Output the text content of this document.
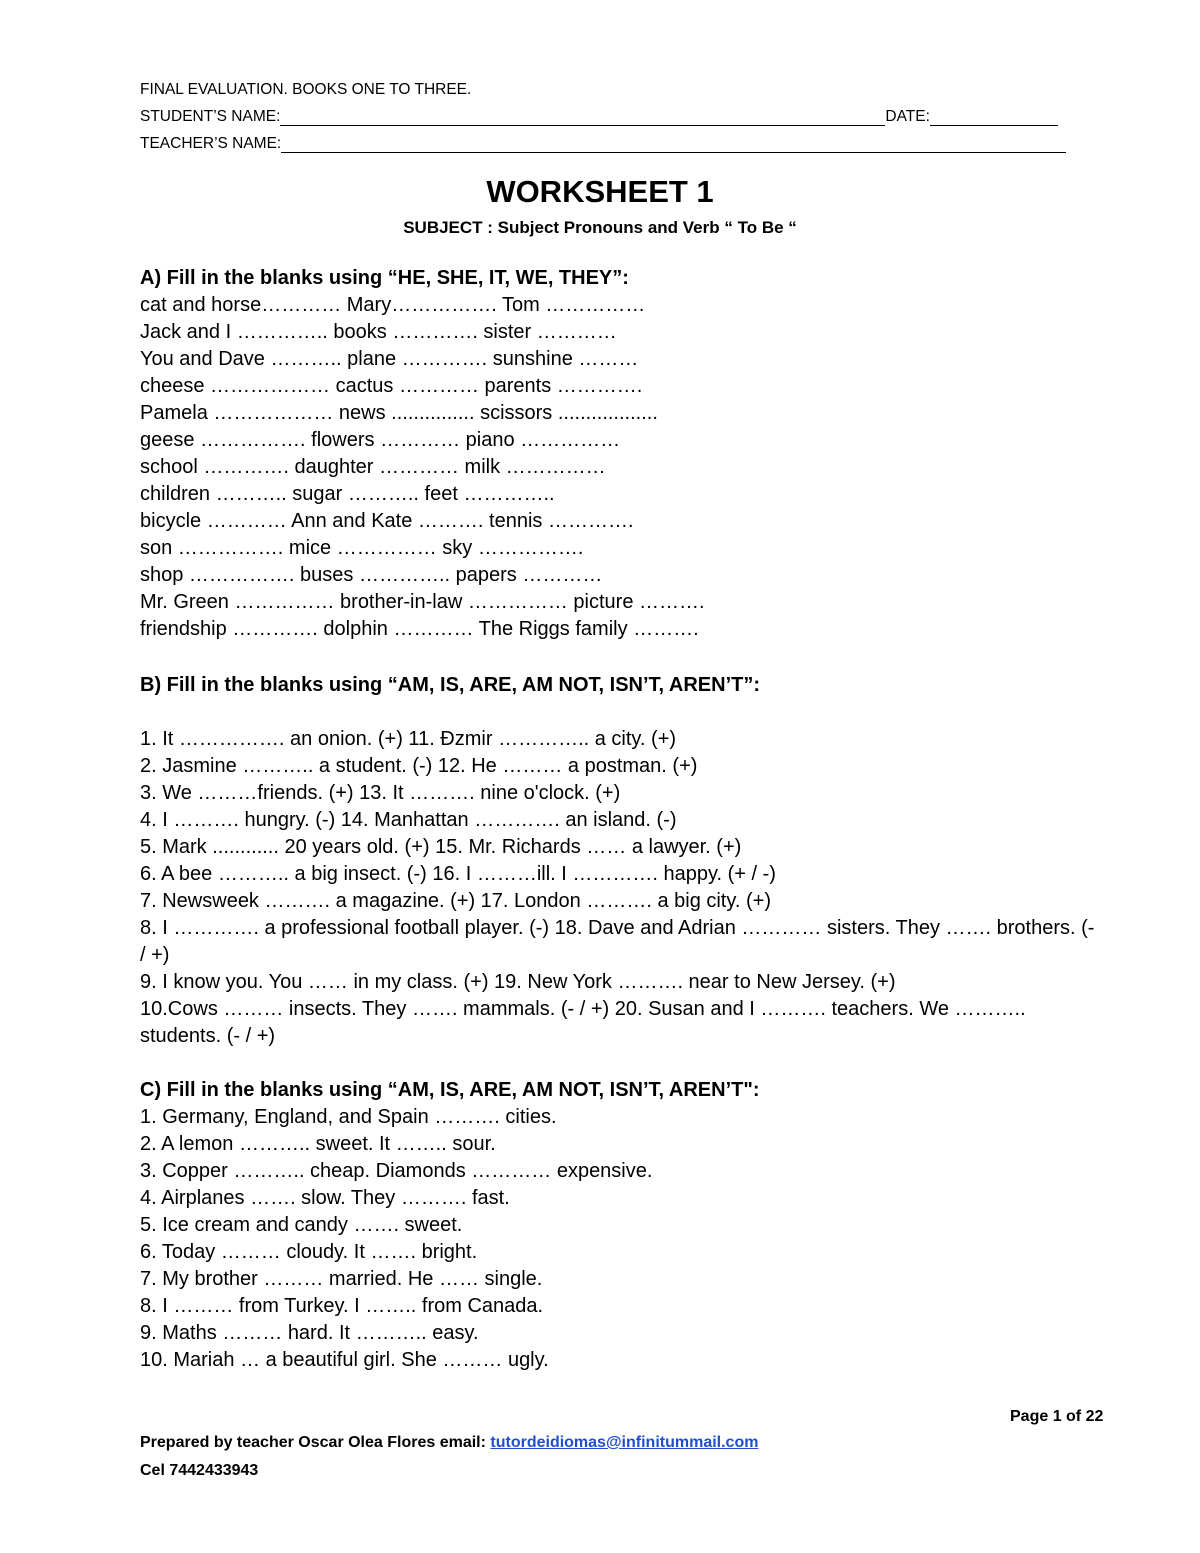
FINAL EVALUATION. BOOKS ONE TO THREE.
STUDENT’S NAME:	DATE:
TEACHER’S NAME:
WORKSHEET 1
SUBJECT : Subject Pronouns and Verb “ To Be “
A) Fill in the blanks using “HE, SHE, IT, WE, THEY”:
cat and horse………… Mary……………. Tom ……………
Jack and I ………….. books …………. sister …………
You and Dave ……….. plane …………. sunshine ………
cheese ……………… cactus ………… parents ………….
Pamela ……………… news ............... scissors ..................
geese ……………. flowers ………… piano ……………
school …………. daughter ………… milk ……………
children ……….. sugar ……….. feet …………..
bicycle ………… Ann and Kate ………. tennis ………….
son ……………. mice …………… sky …………….
shop ……………. buses ………….. papers …………
Mr. Green …………… brother-in-law …………… picture ……….
friendship …………. dolphin ………… The Riggs family ……….
B) Fill in the blanks using “AM, IS, ARE, AM NOT, ISN’T, AREN’T”:
1. It ……………. an onion. (+) 11. Đzmir ………….. a city. (+)
2. Jasmine ……….. a student. (-) 12. He ……… a postman. (+)
3. We ………friends. (+) 13. It ………. nine o'clock. (+)
4. I ………. hungry. (-) 14. Manhattan …………. an island. (-)
5. Mark ............ 20 years old. (+) 15. Mr. Richards …… a lawyer. (+)
6. A bee ……….. a big insect. (-) 16. I ………ill. I …………. happy. (+ / -)
7. Newsweek ………. a magazine. (+) 17. London ………. a big city. (+)
8. I …………. a professional football player. (-) 18. Dave and Adrian ………… sisters. They ……. brothers. (- / +)
9. I know you. You …… in my class. (+) 19. New York ………. near to New Jersey. (+)
10.Cows ……… insects. They ……. mammals. (- / +) 20. Susan and I ………. teachers. We ……….. students. (- / +)
C) Fill in the blanks using “AM, IS, ARE, AM NOT, ISN’T, AREN’T":
1. Germany, England, and Spain ………. cities.
2. A lemon ……….. sweet. It …….. sour.
3. Copper ……….. cheap. Diamonds ………… expensive.
4. Airplanes ……. slow. They ………. fast.
5. Ice cream and candy ……. sweet.
6. Today ……… cloudy. It ……. bright.
7. My brother ……… married. He …… single.
8. I ……… from Turkey. I …….. from Canada.
9. Maths ……… hard. It ……….. easy.
10. Mariah … a beautiful girl. She ……… ugly.
Page 1 of 22
Prepared by teacher Oscar Olea Flores email: tutordeidiomas@infinitummail.com
Cel 7442433943
